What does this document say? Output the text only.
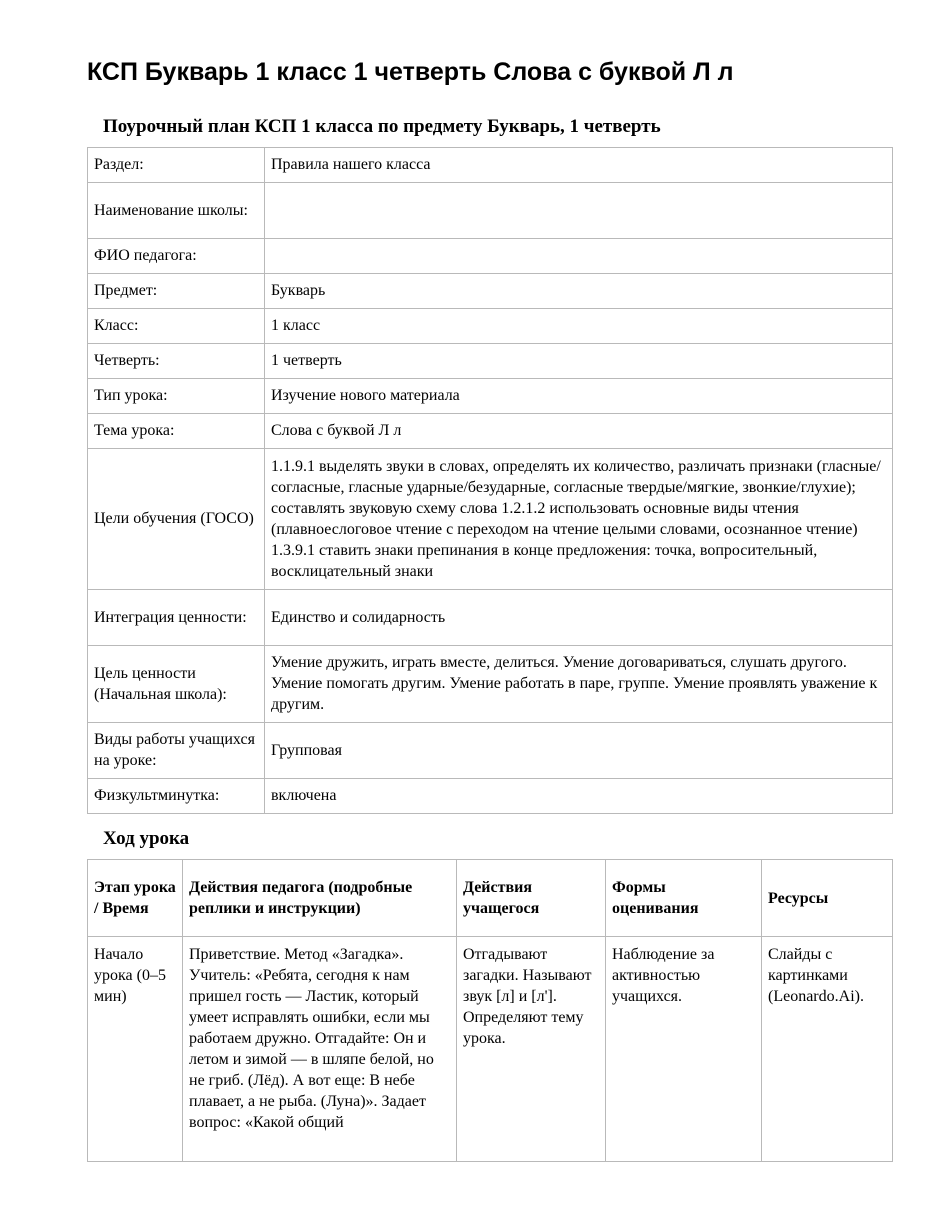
КСП Букварь 1 класс 1 четверть Слова с буквой Л л
Поурочный план КСП 1 класса по предмету Букварь, 1 четверть
Раздел:	Правила нашего класса
Наименование школы:	
ФИО педагога:	
Предмет:	Букварь
Класс:	1 класс
Четверть:	1 четверть
Тип урока:	Изучение нового материала
Тема урока:	Слова с буквой Л л
Цели обучения (ГОСО)	1.1.9.1 выделять звуки в словах, определять их количество, различать признаки (гласные/ согласные, гласные ударные/безударные, согласные твердые/мягкие, звонкие/глухие); составлять звуковую схему слова 1.2.1.2 использовать основные виды чтения (плавноеслоговое чтение с переходом на чтение целыми словами, осознанное чтение) 1.3.9.1 ставить знаки препинания в конце предложения: точка, вопросительный, восклицательный знаки
Интеграция ценности:	Единство и солидарность
Цель ценности (Начальная школа):	Умение дружить, играть вместе, делиться. Умение договариваться, слушать другого. Умение помогать другим. Умение работать в паре, группе. Умение проявлять уважение к другим.
Виды работы учащихся на уроке:	Групповая
Физкультминутка:	включена
Ход урока
Этап урока / Время	Действия педагога (подробные реплики и инструкции)	Действия учащегося	Формы оценивания	Ресурсы
Начало урока (0–5 мин)	Приветствие. Метод «Загадка». Учитель: «Ребята, сегодня к нам пришел гость — Ластик, который умеет исправлять ошибки, если мы работаем дружно. Отгадайте: Он и летом и зимой — в шляпе белой, но не гриб. (Лёд). А вот еще: В небе плавает, а не рыба. (Луна)». Задает вопрос: «Какой общий	Отгадывают загадки. Называют звук [л] и [л']. Определяют тему урока.	Наблюдение за активностью учащихся.	Слайды с картинками (Leonardo.Ai).
